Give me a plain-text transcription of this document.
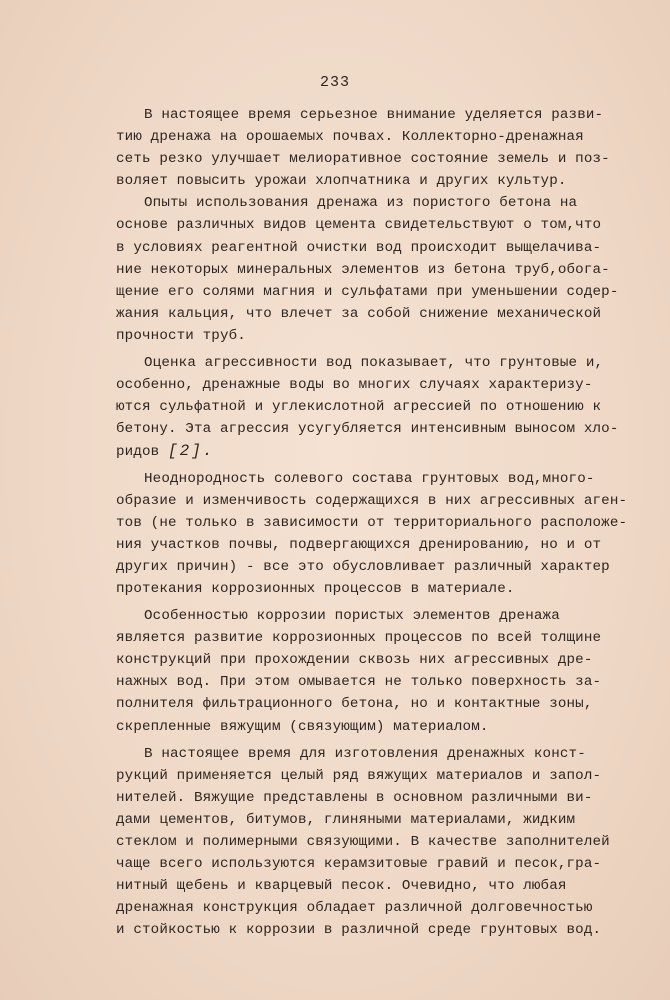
233
В настоящее время серьезное внимание уделяется разви-
тию дренажа на орошаемых почвах. Коллекторно-дренажная
сеть резко улучшает мелиоративное состояние земель и поз-
воляет повысить урожаи хлопчатника и других культур.
Опыты использования дренажа из пористого бетона на
основе различных видов цемента свидетельствуют о том,что
в условиях реагентной очистки вод происходит выщелачива-
ние некоторых минеральных элементов из бетона труб,обога-
щение его солями магния и сульфатами при уменьшении содер-
жания кальция, что влечет за собой снижение механической
прочности труб.
Оценка агрессивности вод показывает, что грунтовые и,
особенно, дренажные воды во многих случаях характеризу-
ются сульфатной и углекислотной агрессией по отношению к
бетону. Эта агрессия усугубляется интенсивным выносом хло-
ридов [2].
Неоднородность солевого состава грунтовых вод,много-
образие и изменчивость содержащихся в них агрессивных аген-
тов (не только в зависимости от территориального расположе-
ния участков почвы, подвергающихся дренированию, но и от
других причин) - все это обусловливает различный характер
протекания коррозионных процессов в материале.
Особенностью коррозии пористых элементов дренажа
является развитие коррозионных процессов по всей толщине
конструкций при прохождении сквозь них агрессивных дре-
нажных вод. При этом омывается не только поверхность за-
полнителя фильтрационного бетона, но и контактные зоны,
скрепленные вяжущим (связующим) материалом.
В настоящее время для изготовления дренажных конст-
рукций применяется целый ряд вяжущих материалов и запол-
нителей. Вяжущие представлены в основном различными ви-
дами цементов, битумов, глиняными материалами, жидким
стеклом и полимерными связующими. В качестве заполнителей
чаще всего используются керамзитовые гравий и песок,гра-
нитный щебень и кварцевый песок. Очевидно, что любая
дренажная конструкция обладает различной долговечностью
и стойкостью к коррозии в различной среде грунтовых вод.
